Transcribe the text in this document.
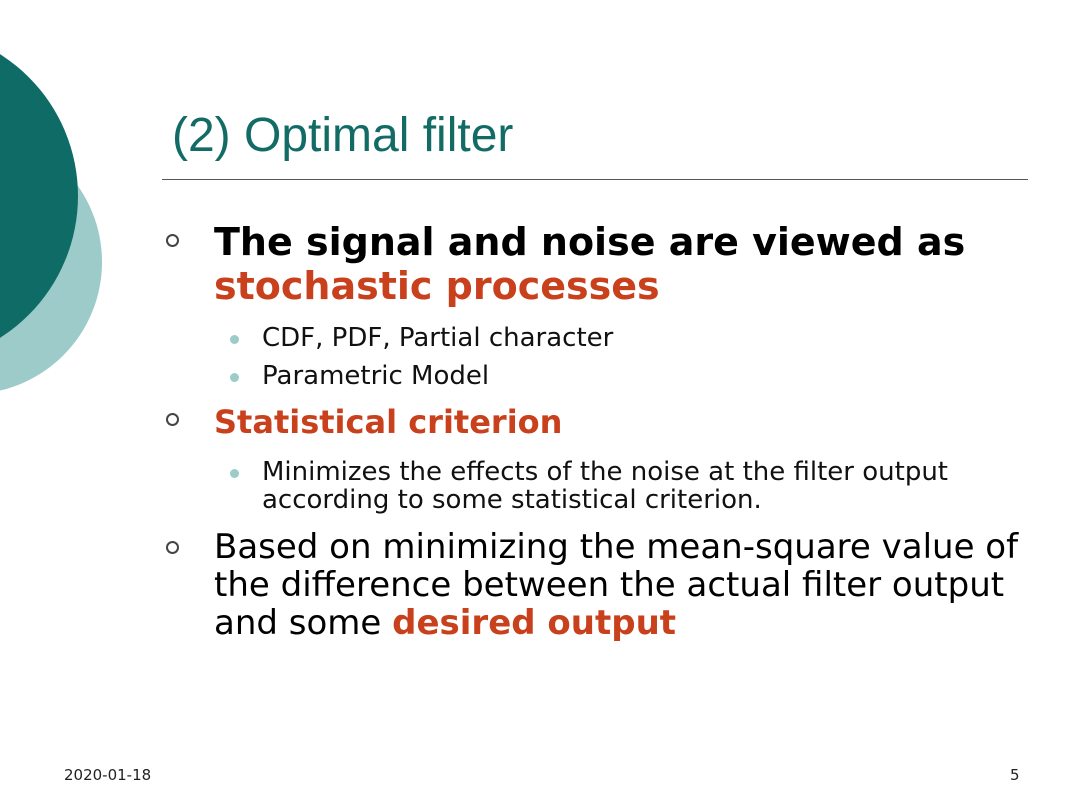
(2) Optimal filter
The signal and noise are viewed as stochastic processes
CDF, PDF, Partial character
Parametric Model
Statistical criterion
Minimizes the effects of the noise at the filter output according to some statistical criterion.
Based on minimizing the mean-square value of the difference between the actual filter output and some desired output
2020-01-18	5
